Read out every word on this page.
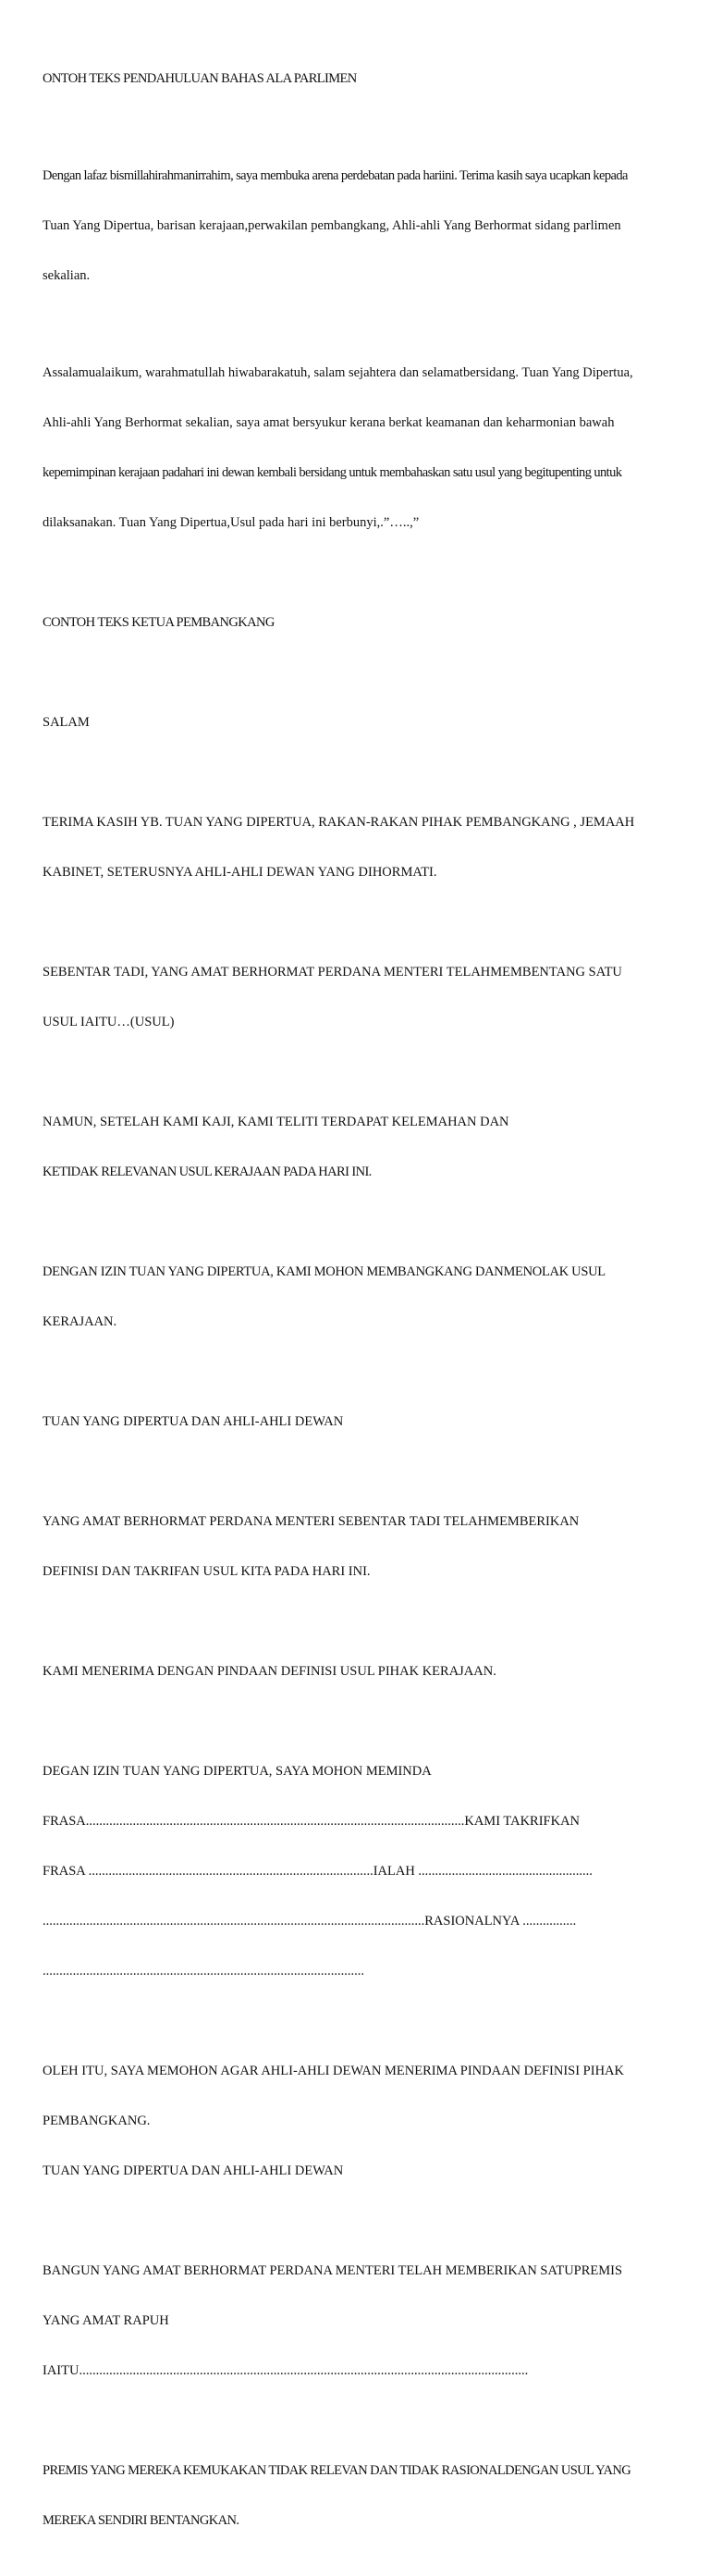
ONTOH TEKS PENDAHULUAN BAHAS ALA PARLIMEN

Dengan lafaz bismillahirahmanirrahim, saya membuka arena perdebatan pada hariini. Terima kasih saya ucapkan kepada

Tuan Yang Dipertua, barisan kerajaan,perwakilan pembangkang, Ahli-ahli Yang Berhormat sidang parlimen

sekalian.

Assalamualaikum, warahmatullah hiwabarakatuh, salam sejahtera dan selamatbersidang. Tuan Yang Dipertua,

Ahli-ahli Yang Berhormat sekalian, saya amat bersyukur kerana berkat keamanan dan keharmonian bawah

kepemimpinan kerajaan padahari ini dewan kembali bersidang untuk membahaskan satu usul yang begitupenting untuk

dilaksanakan. Tuan Yang Dipertua,Usul pada hari ini berbunyi,.”…..,”

CONTOH TEKS KETUA PEMBANGKANG

SALAM

TERIMA KASIH YB. TUAN YANG DIPERTUA, RAKAN-RAKAN PIHAK PEMBANGKANG , JEMAAH

KABINET, SETERUSNYA AHLI-AHLI DEWAN YANG DIHORMATI.

SEBENTAR TADI, YANG AMAT BERHORMAT PERDANA MENTERI TELAHMEMBENTANG SATU

USUL IAITU…(USUL)

NAMUN, SETELAH KAMI KAJI, KAMI TELITI TERDAPAT KELEMAHAN DAN

KETIDAK RELEVANAN USUL KERAJAAN PADA HARI INI.

DENGAN IZIN TUAN YANG DIPERTUA, KAMI MOHON MEMBANGKANG DANMENOLAK USUL

KERAJAAN.

TUAN YANG DIPERTUA DAN AHLI-AHLI DEWAN

YANG AMAT BERHORMAT PERDANA MENTERI SEBENTAR TADI TELAHMEMBERIKAN

DEFINISI DAN TAKRIFAN USUL KITA PADA HARI INI.

KAMI MENERIMA DENGAN PINDAAN DEFINISI USUL PIHAK KERAJAAN.

DEGAN IZIN TUAN YANG DIPERTUA, SAYA MOHON MEMINDA

FRASA.................................................................................................................KAMI TAKRIFKAN

FRASA .....................................................................................IALAH ....................................................

..................................................................................................................RASIONALNYA ................

................................................................................................

OLEH ITU, SAYA MEMOHON AGAR AHLI-AHLI DEWAN MENERIMA PINDAAN DEFINISI PIHAK

PEMBANGKANG.

TUAN YANG DIPERTUA DAN AHLI-AHLI DEWAN

BANGUN YANG AMAT BERHORMAT PERDANA MENTERI TELAH MEMBERIKAN SATUPREMIS

YANG AMAT RAPUH

IAITU......................................................................................................................................

PREMIS YANG MEREKA KEMUKAKAN TIDAK RELEVAN DAN TIDAK RASIONALDENGAN USUL YANG

MEREKA SENDIRI BENTANGKAN.
